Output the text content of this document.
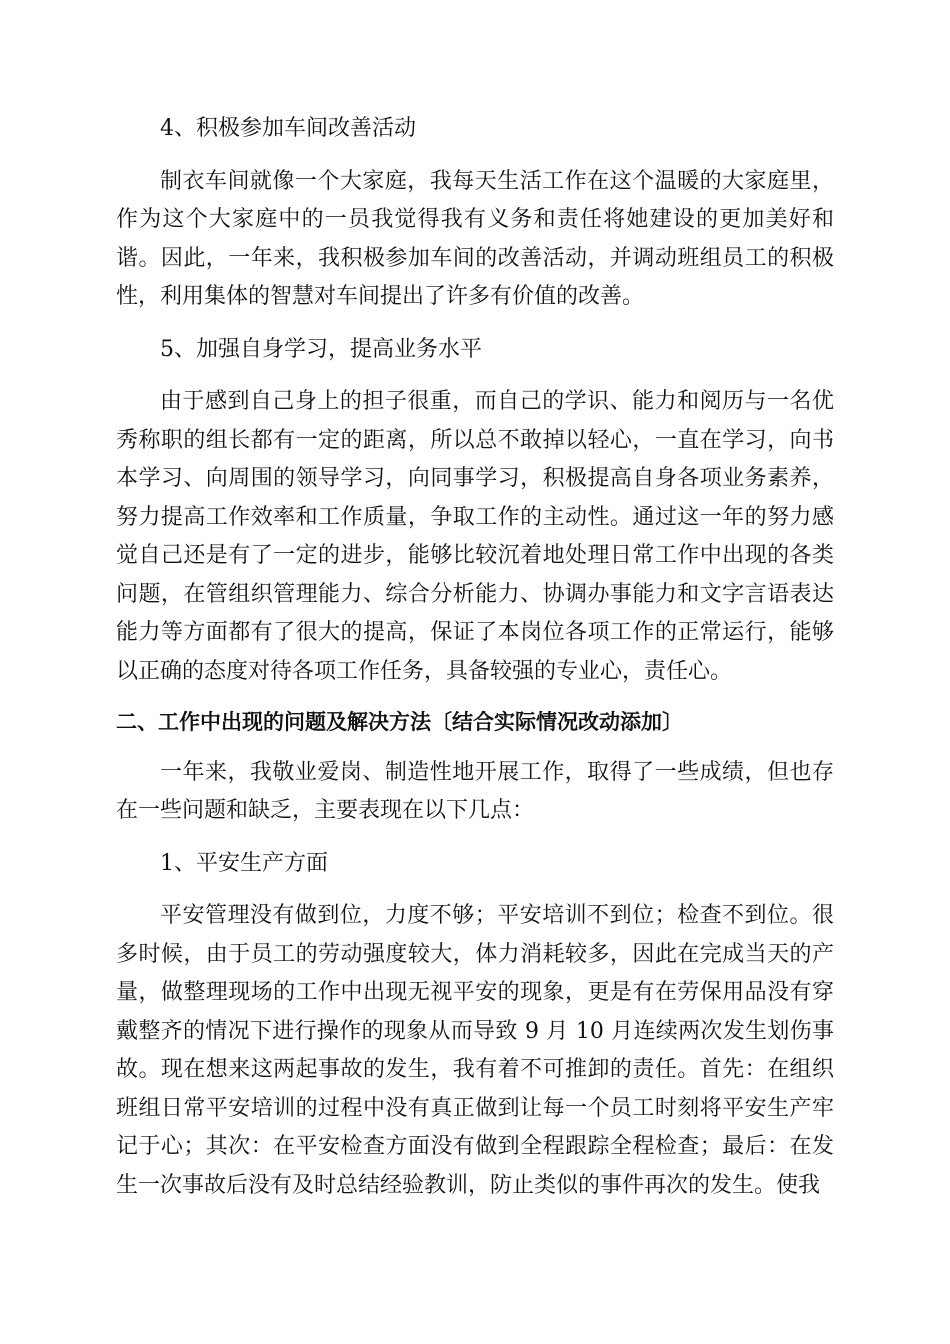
4、积极参加车间改善活动

制衣车间就像一个大家庭，我每天生活工作在这个温暖的大家庭里，作为这个大家庭中的一员我觉得我有义务和责任将她建设的更加美好和谐。因此，一年来，我积极参加车间的改善活动，并调动班组员工的积极性，利用集体的智慧对车间提出了许多有价值的改善。

5、加强自身学习，提高业务水平

由于感到自己身上的担子很重，而自己的学识、能力和阅历与一名优秀称职的组长都有一定的距离，所以总不敢掉以轻心，一直在学习，向书本学习、向周围的领导学习，向同事学习，积极提高自身各项业务素养，努力提高工作效率和工作质量，争取工作的主动性。通过这一年的努力感觉自己还是有了一定的进步，能够比较沉着地处理日常工作中出现的各类问题，在管组织管理能力、综合分析能力、协调办事能力和文字言语表达能力等方面都有了很大的提高，保证了本岗位各项工作的正常运行，能够以正确的态度对待各项工作任务，具备较强的专业心，责任心。

二、工作中出现的问题及解决方法〔结合实际情况改动添加〕

一年来，我敬业爱岗、制造性地开展工作，取得了一些成绩，但也存在一些问题和缺乏，主要表现在以下几点：

1、平安生产方面

平安管理没有做到位，力度不够；平安培训不到位；检查不到位。很多时候，由于员工的劳动强度较大，体力消耗较多，因此在完成当天的产量，做整理现场的工作中出现无视平安的现象，更是有在劳保用品没有穿戴整齐的情况下进行操作的现象从而导致 9 月 10 月连续两次发生划伤事故。现在想来这两起事故的发生，我有着不可推卸的责任。首先：在组织班组日常平安培训的过程中没有真正做到让每一个员工时刻将平安生产牢记于心；其次：在平安检查方面没有做到全程跟踪全程检查；最后：在发生一次事故后没有及时总结经验教训，防止类似的事件再次的发生。使我
